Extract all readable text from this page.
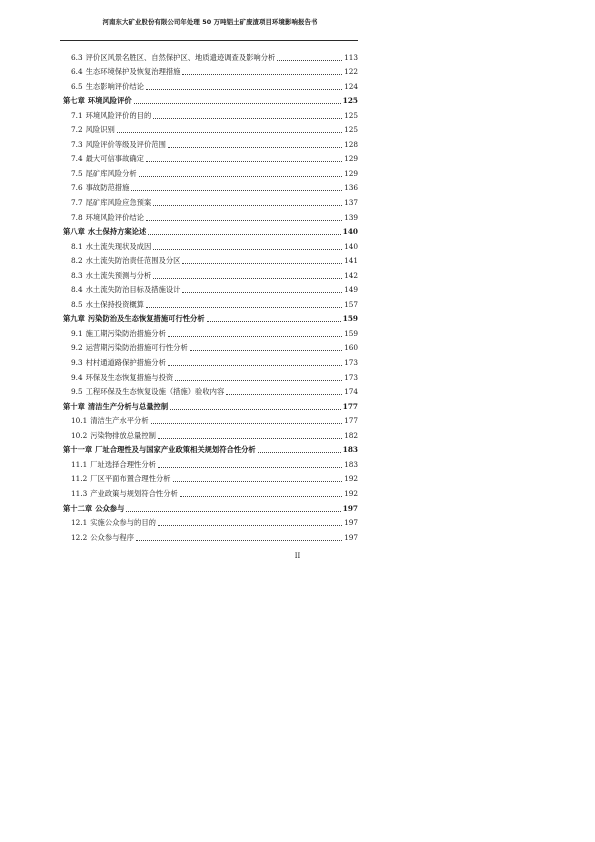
河南东大矿业股份有限公司年处理 50 万吨铝土矿废渣项目环境影响报告书
6.3 评价区风景名胜区、自然保护区、地质遗迹调查及影响分析	113
6.4 生态环境保护及恢复治理措施	122
6.5 生态影响评价结论	124
第七章 环境风险评价	125
7.1 环境风险评价的目的	125
7.2 风险识别	125
7.3 风险评价等级及评价范围	128
7.4 最大可信事故确定	129
7.5 尾矿库风险分析	129
7.6 事故防范措施	136
7.7 尾矿库风险应急预案	137
7.8 环境风险评价结论	139
第八章 水土保持方案论述	140
8.1 水土流失现状及成因	140
8.2 水土流失防治责任范围及分区	141
8.3 水土流失预测与分析	142
8.4 水土流失防治目标及措施设计	149
8.5 水土保持投资概算	157
第九章 污染防治及生态恢复措施可行性分析	159
9.1 施工期污染防治措施分析	159
9.2 运营期污染防治措施可行性分析	160
9.3 村村通道路保护措施分析	173
9.4 环保及生态恢复措施与投资	173
9.5 工程环保及生态恢复设施（措施）验收内容	174
第十章 清洁生产分析与总量控制	177
10.1 清洁生产水平分析	177
10.2 污染物排放总量控制	182
第十一章 厂址合理性及与国家产业政策相关规划符合性分析	183
11.1 厂址选择合理性分析	183
11.2 厂区平面布置合理性分析	192
11.3 产业政策与规划符合性分析	192
第十二章 公众参与	197
12.1 实施公众参与的目的	197
12.2 公众参与程序	197
II
